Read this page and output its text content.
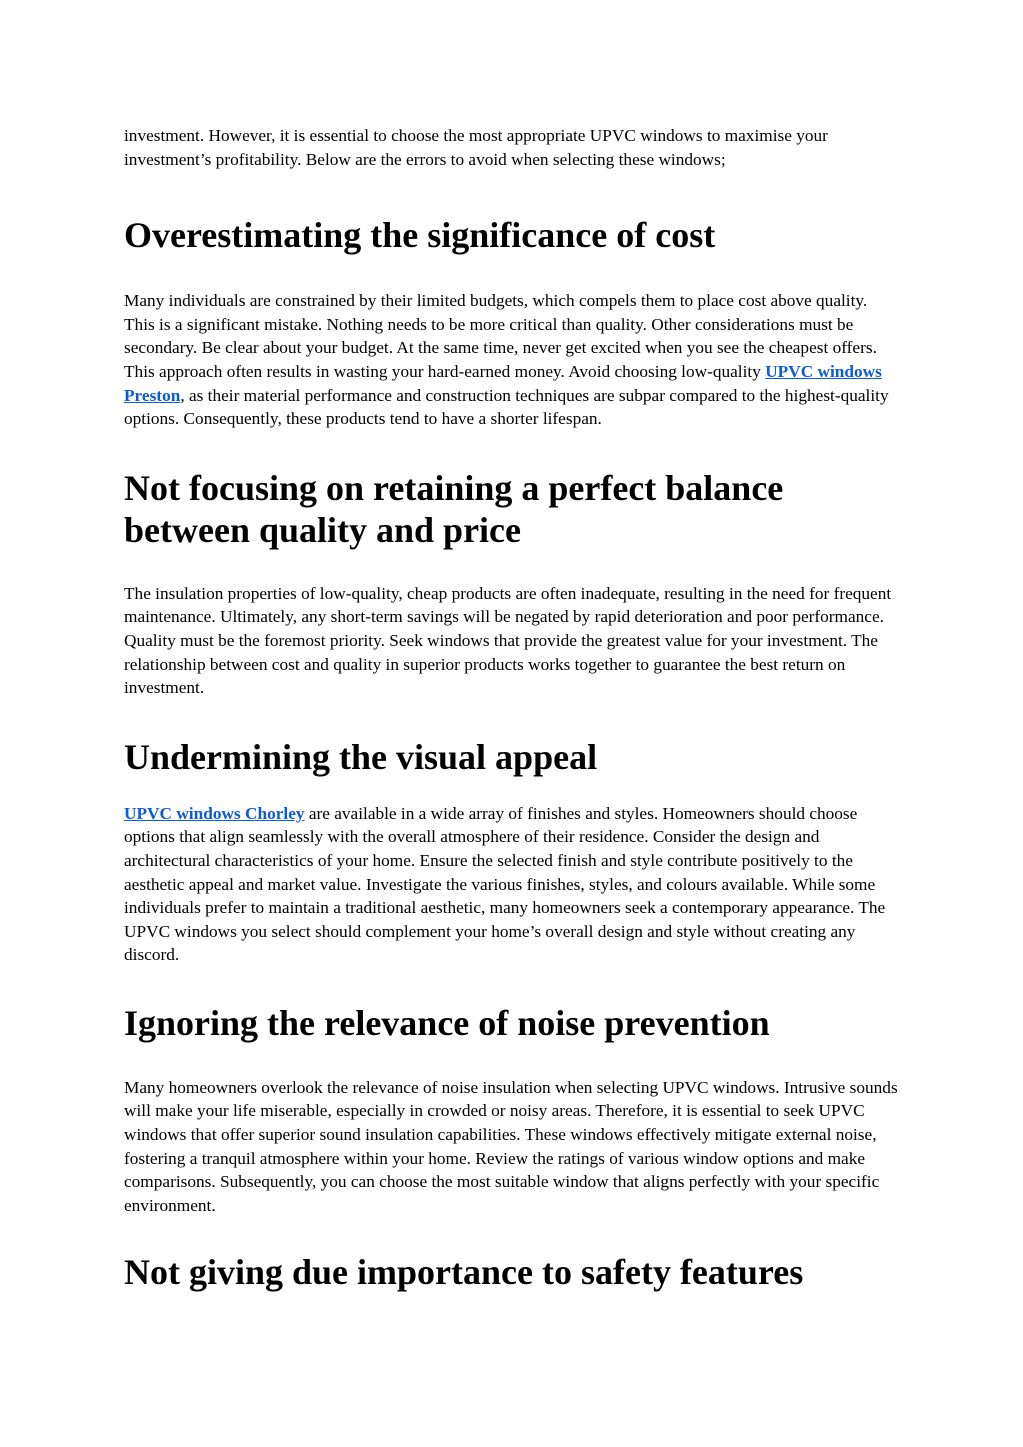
investment. However, it is essential to choose the most appropriate UPVC windows to maximise your investment’s profitability. Below are the errors to avoid when selecting these windows;

Overestimating the significance of cost

Many individuals are constrained by their limited budgets, which compels them to place cost above quality. This is a significant mistake. Nothing needs to be more critical than quality. Other considerations must be secondary. Be clear about your budget. At the same time, never get excited when you see the cheapest offers. This approach often results in wasting your hard-earned money. Avoid choosing low-quality UPVC windows Preston, as their material performance and construction techniques are subpar compared to the highest-quality options. Consequently, these products tend to have a shorter lifespan.

Not focusing on retaining a perfect balance between quality and price

The insulation properties of low-quality, cheap products are often inadequate, resulting in the need for frequent maintenance. Ultimately, any short-term savings will be negated by rapid deterioration and poor performance. Quality must be the foremost priority. Seek windows that provide the greatest value for your investment. The relationship between cost and quality in superior products works together to guarantee the best return on investment.

Undermining the visual appeal

UPVC windows Chorley are available in a wide array of finishes and styles. Homeowners should choose options that align seamlessly with the overall atmosphere of their residence. Consider the design and architectural characteristics of your home. Ensure the selected finish and style contribute positively to the aesthetic appeal and market value. Investigate the various finishes, styles, and colours available. While some individuals prefer to maintain a traditional aesthetic, many homeowners seek a contemporary appearance. The UPVC windows you select should complement your home’s overall design and style without creating any discord.

Ignoring the relevance of noise prevention

Many homeowners overlook the relevance of noise insulation when selecting UPVC windows. Intrusive sounds will make your life miserable, especially in crowded or noisy areas. Therefore, it is essential to seek UPVC windows that offer superior sound insulation capabilities. These windows effectively mitigate external noise, fostering a tranquil atmosphere within your home. Review the ratings of various window options and make comparisons. Subsequently, you can choose the most suitable window that aligns perfectly with your specific environment.

Not giving due importance to safety features
